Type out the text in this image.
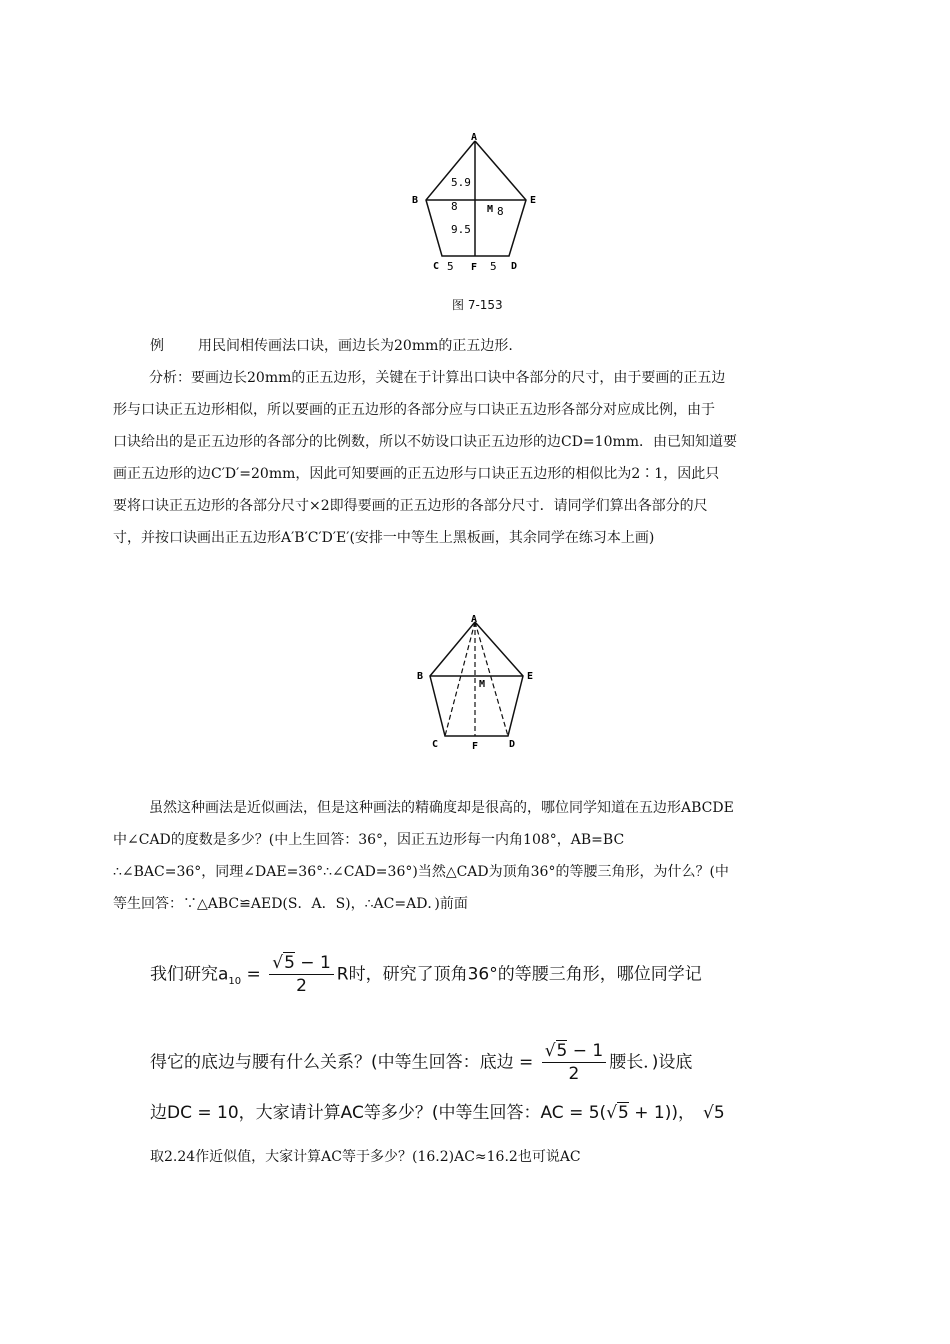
A
B	E
C	F	D
M
5.9
8	8
9.5
5	5
图 7-153
例 用民间相传画法口诀，画边长为20mm的正五边形.
分析：要画边长20mm的正五边形，关键在于计算出口诀中各部分的尺寸，由于要画的正五边
形与口诀正五边形相似，所以要画的正五边形的各部分应与口诀正五边形各部分对应成比例，由于
口诀给出的是正五边形的各部分的比例数，所以不妨设口诀正五边形的边CD=10mm．由已知知道要
画正五边形的边C′D′=20mm，因此可知要画的正五边形与口诀正五边形的相似比为2∶1，因此只
要将口诀正五边形的各部分尺寸×2即得要画的正五边形的各部分尺寸．请同学们算出各部分的尺
寸，并按口诀画出正五边形A′B′C′D′E′(安排一中等生上黑板画，其余同学在练习本上画)
A
B	E
M
C	F	D
虽然这种画法是近似画法，但是这种画法的精确度却是很高的，哪位同学知道在五边形ABCDE
中∠CAD的度数是多少？(中上生回答：36°，因正五边形每一内角108°，AB=BC
∴∠BAC=36°，同理∠DAE=36°∴∠CAD=36°)当然△CAD为顶角36°的等腰三角形，为什么？(中
等生回答：∵△ABC≌AED(S．A．S)，∴AC=AD．)前面
我们研究$a_{10} = \frac{√5 - 1}{2}$ R时，研究了顶角36°的等腰三角形，哪位同学记
得它的底边与腰有什么关系？(中等生回答：底边 = $\frac{√5 - 1}{2}$ 腰长．)设底
边DC = 10，大家请计算AC等多少？(中等生回答：AC = 5(√5 + 1))， √5
取2.24作近似值，大家计算AC等于多少？(16.2)AC≈16.2也可说AC
